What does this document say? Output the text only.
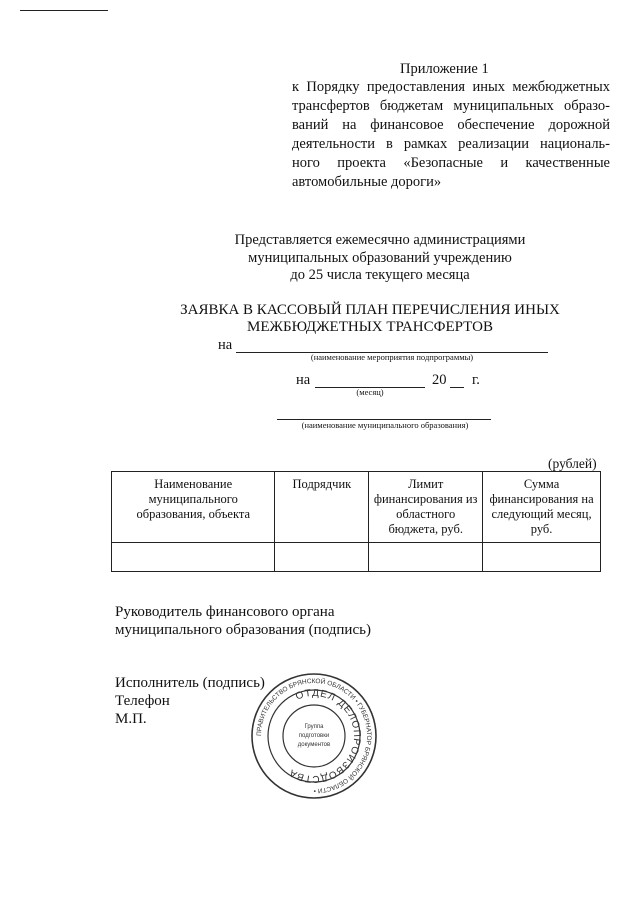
Приложение 1
к Порядку предоставления иных межбюджетных
трансфертов бюджетам муниципальных образо-
ваний на финансовое обеспечение дорожной
деятельности в рамках реализации националь-
ного проекта «Безопасные и качественные
автомобильные дороги»
Представляется ежемесячно администрациями
муниципальных образований учреждению
до 25 числа текущего месяца
ЗАЯВКА В КАССОВЫЙ ПЛАН ПЕРЕЧИСЛЕНИЯ ИНЫХ
МЕЖБЮДЖЕТНЫХ ТРАНСФЕРТОВ
на
(наименование мероприятия подпрограммы)
на	20 г.
(месяц)
(наименование муниципального образования)
(рублей)
Наименование муниципального образования, объекта	Подрядчик	Лимит финансирования из областного бюджета, руб.	Сумма финансирования на следующий месяц, руб.

Руководитель финансового органа
муниципального образования (подпись)
Исполнитель (подпись)
Телефон
М.П.
ПРАВИТЕЛЬСТВО БРЯНСКОЙ ОБЛАСТИ • ГУБЕРНАТОР БРЯНСКОЙ ОБЛАСТИ •
ОТДЕЛ ДЕЛОПРОИЗВОДСТВА
Группа
подготовки
документов
